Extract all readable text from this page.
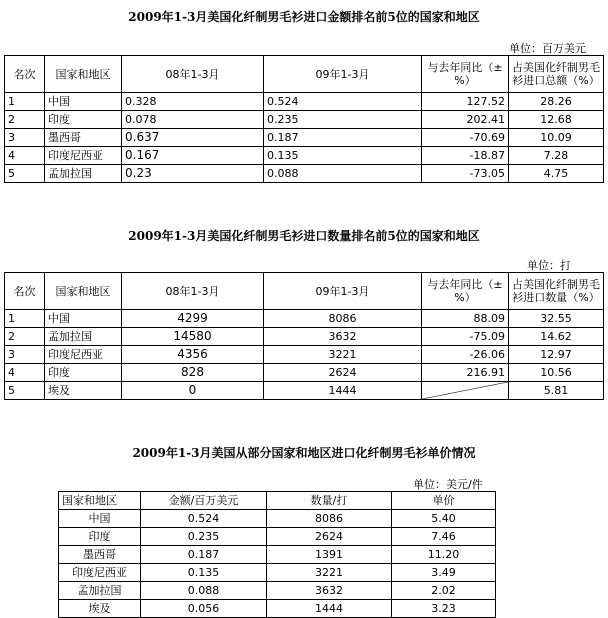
2009年1-3月美国化纤制男毛衫进口金额排名前5位的国家和地区
单位：百万美元
名次	国家和地区	08年1-3月	09年1-3月	与去年同比（±%）	占美国化纤制男毛衫进口总额（%）
1	中国	0.328	0.524	127.52	28.26
2	印度	0.078	0.235	202.41	12.68
3	墨西哥	0.637	0.187	-70.69	10.09
4	印度尼西亚	0.167	0.135	-18.87	7.28
5	孟加拉国	0.23	0.088	-73.05	4.75
2009年1-3月美国化纤制男毛衫进口数量排名前5位的国家和地区
单位：打
名次	国家和地区	08年1-3月	09年1-3月	与去年同比（±%）	占美国化纤制男毛衫进口数量（%）
1	中国	4299	8086	88.09	32.55
2	孟加拉国	14580	3632	-75.09	14.62
3	印度尼西亚	4356	3221	-26.06	12.97
4	印度	828	2624	216.91	10.56
5	埃及	0	1444		5.81
2009年1-3月美国从部分国家和地区进口化纤制男毛衫单价情况
单位：美元/件
国家和地区	金额/百万美元	数量/打	单价
中国	0.524	8086	5.40
印度	0.235	2624	7.46
墨西哥	0.187	1391	11.20
印度尼西亚	0.135	3221	3.49
孟加拉国	0.088	3632	2.02
埃及	0.056	1444	3.23
